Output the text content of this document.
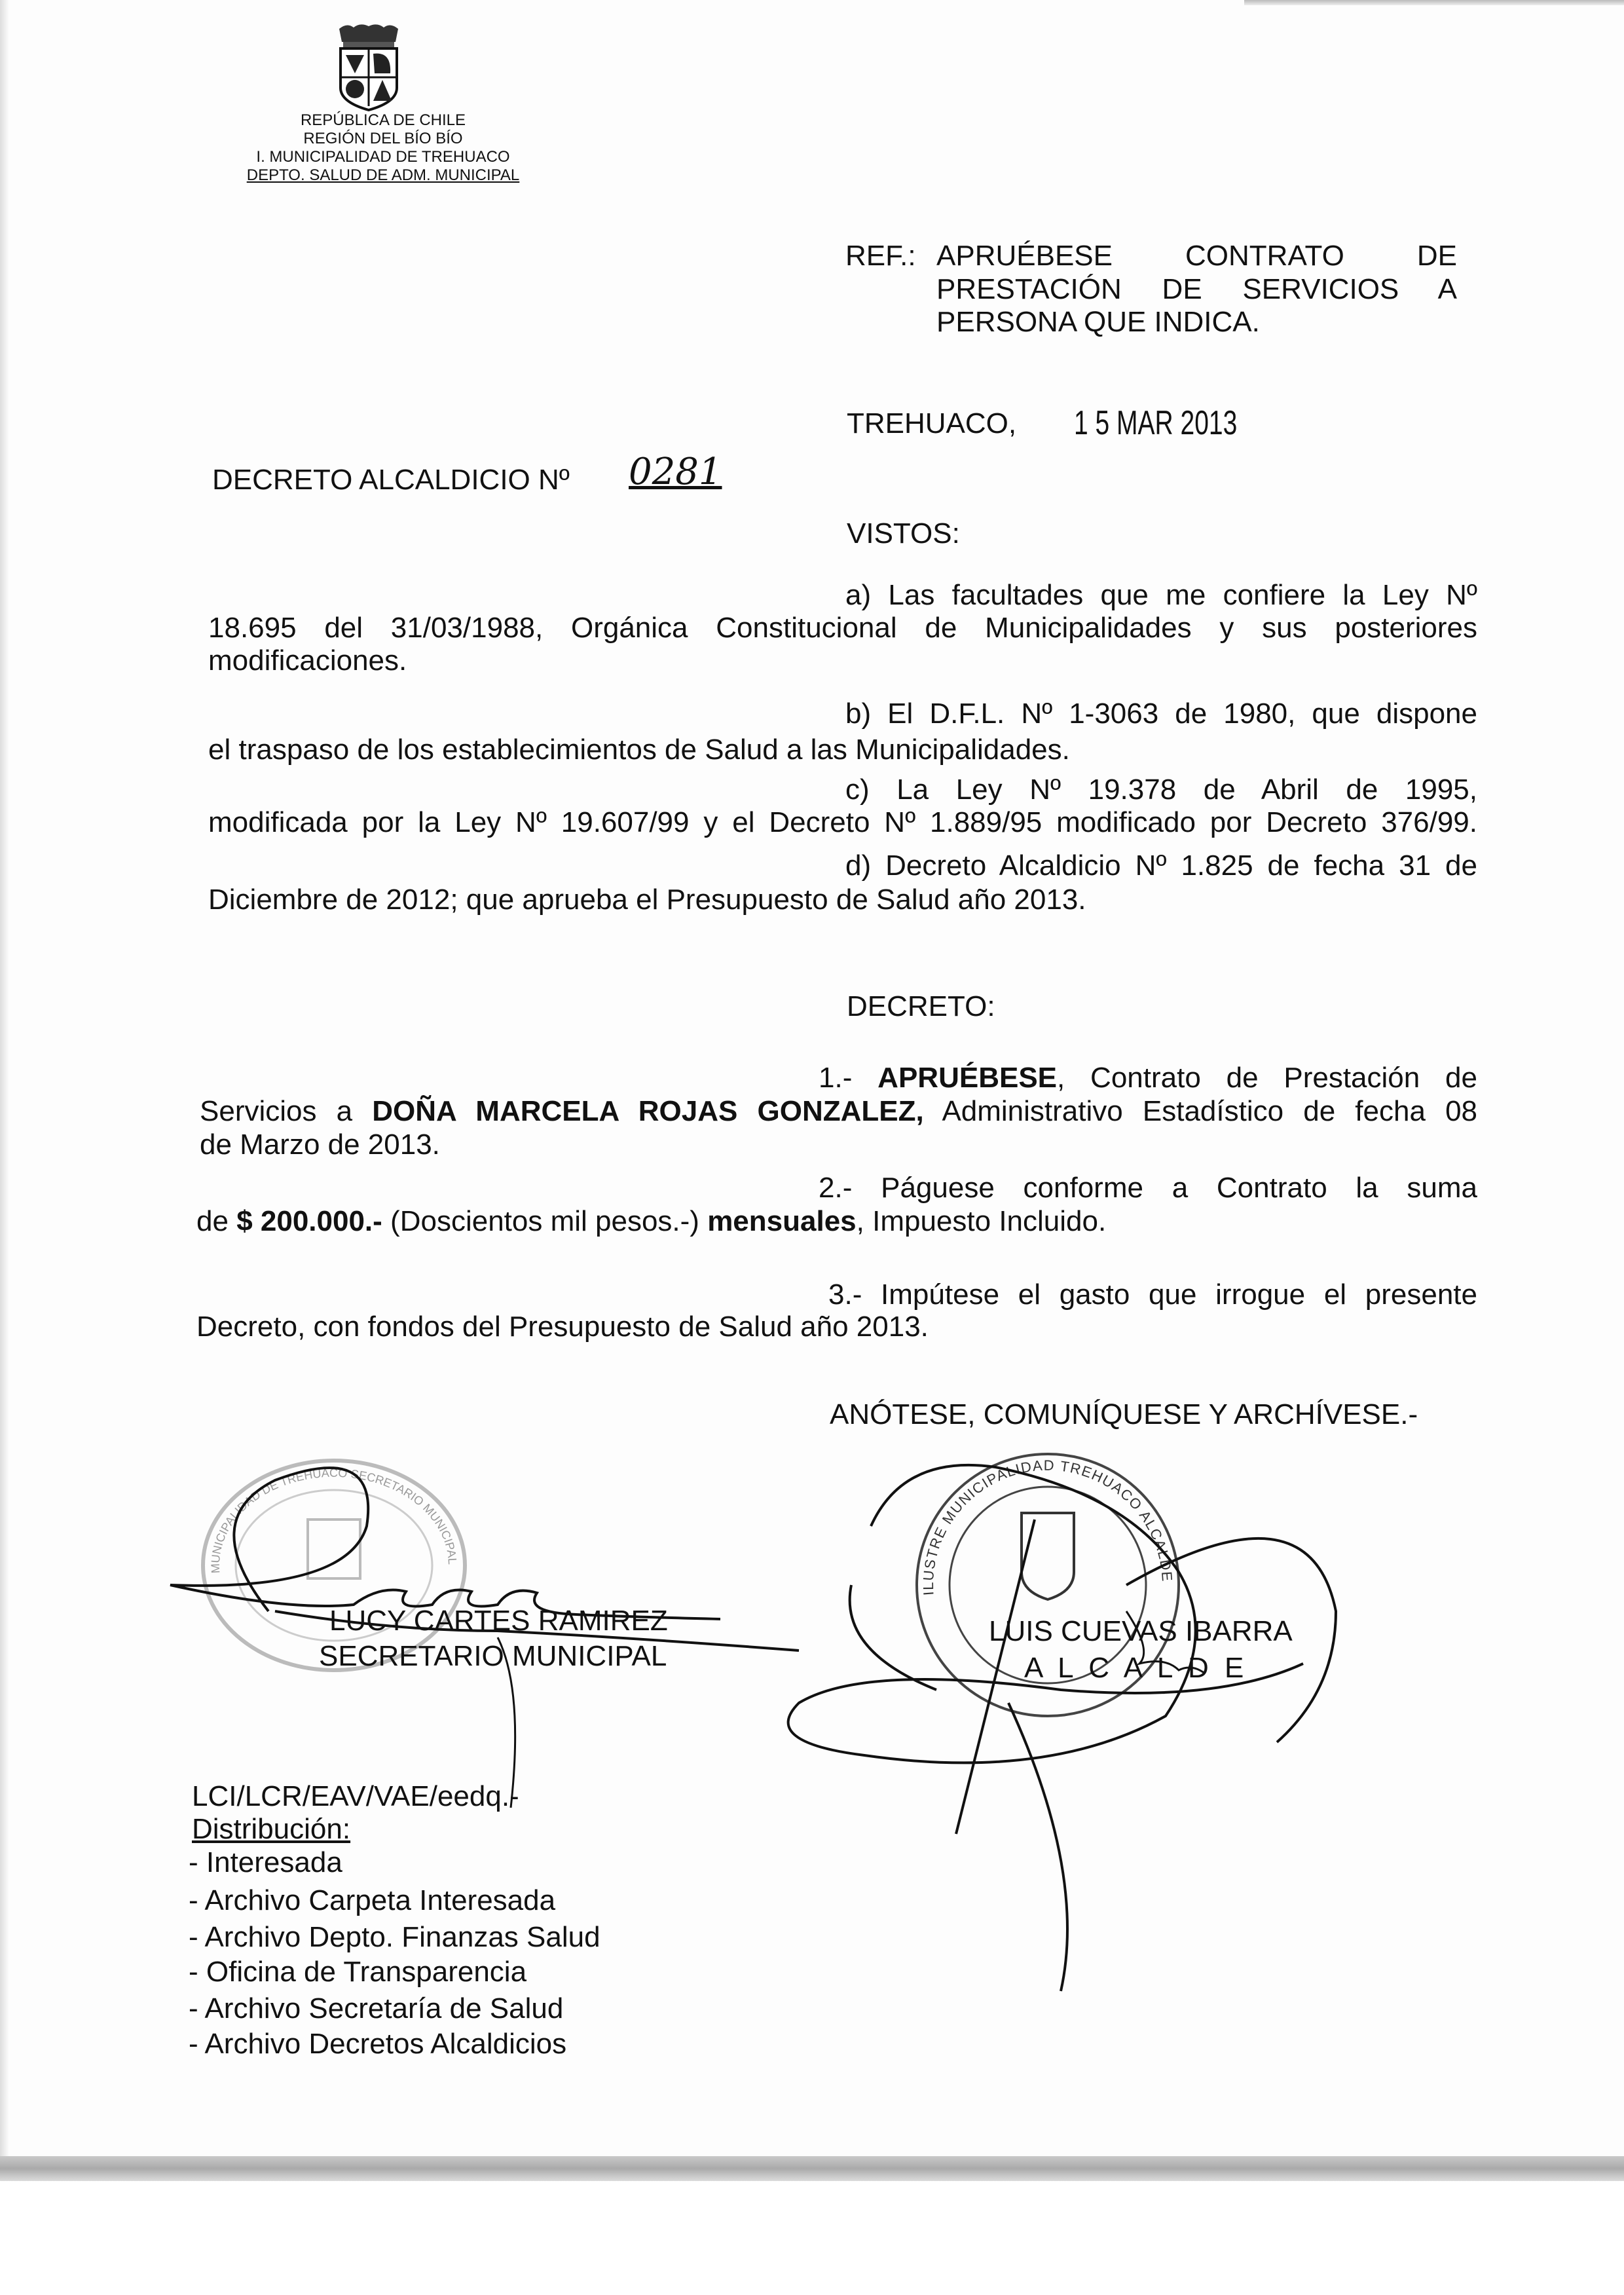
REPÚBLICA DE CHILE
REGIÓN DEL BÍO BÍO
I. MUNICIPALIDAD DE TREHUACO
DEPTO. SALUD DE ADM. MUNICIPAL
REF.: APRUÉBESE	CONTRATO	DE
PRESTACIÓN DE SERVICIOS A
PERSONA QUE INDICA.
TREHUACO, 1 5 MAR 2013
DECRETO ALCALDICIO Nº 0281
VISTOS:
a) Las facultades que me confiere la Ley Nº
18.695 del 31/03/1988, Orgánica Constitucional de Municipalidades y sus posteriores
modificaciones.
b) El D.F.L. Nº 1-3063 de 1980, que dispone
el traspaso de los establecimientos de Salud a las Municipalidades.
c) La Ley Nº 19.378 de Abril de 1995,
modificada por la Ley Nº 19.607/99 y el Decreto Nº 1.889/95 modificado por Decreto 376/99.
d) Decreto Alcaldicio Nº 1.825 de fecha 31 de
Diciembre de 2012; que aprueba el Presupuesto de Salud año 2013.
DECRETO:
1.- APRUÉBESE, Contrato de Prestación de
Servicios a DOÑA MARCELA ROJAS GONZALEZ, Administrativo Estadístico de fecha 08
de Marzo de 2013.
2.- Páguese conforme a Contrato la suma
de $ 200.000.- (Doscientos mil pesos.-) mensuales, Impuesto Incluido.
3.- Impútese el gasto que irrogue el presente
Decreto, con fondos del Presupuesto de Salud año 2013.
ANÓTESE, COMUNÍQUESE Y ARCHÍVESE.-
MUNICIPALIDAD DE TREHUACO SECRETARIO MUNICIPAL
ILUSTRE MUNICIPALIDAD TREHUACO ALCALDE
LUCY CARTES RAMIREZ
SECRETARIO MUNICIPAL
LUIS CUEVAS IBARRA
A L C A L D E
LCI/LCR/EAV/VAE/eedq.-
Distribución:
- Interesada
- Archivo Carpeta Interesada
- Archivo Depto. Finanzas Salud
- Oficina de Transparencia
- Archivo Secretaría de Salud
- Archivo Decretos Alcaldicios
